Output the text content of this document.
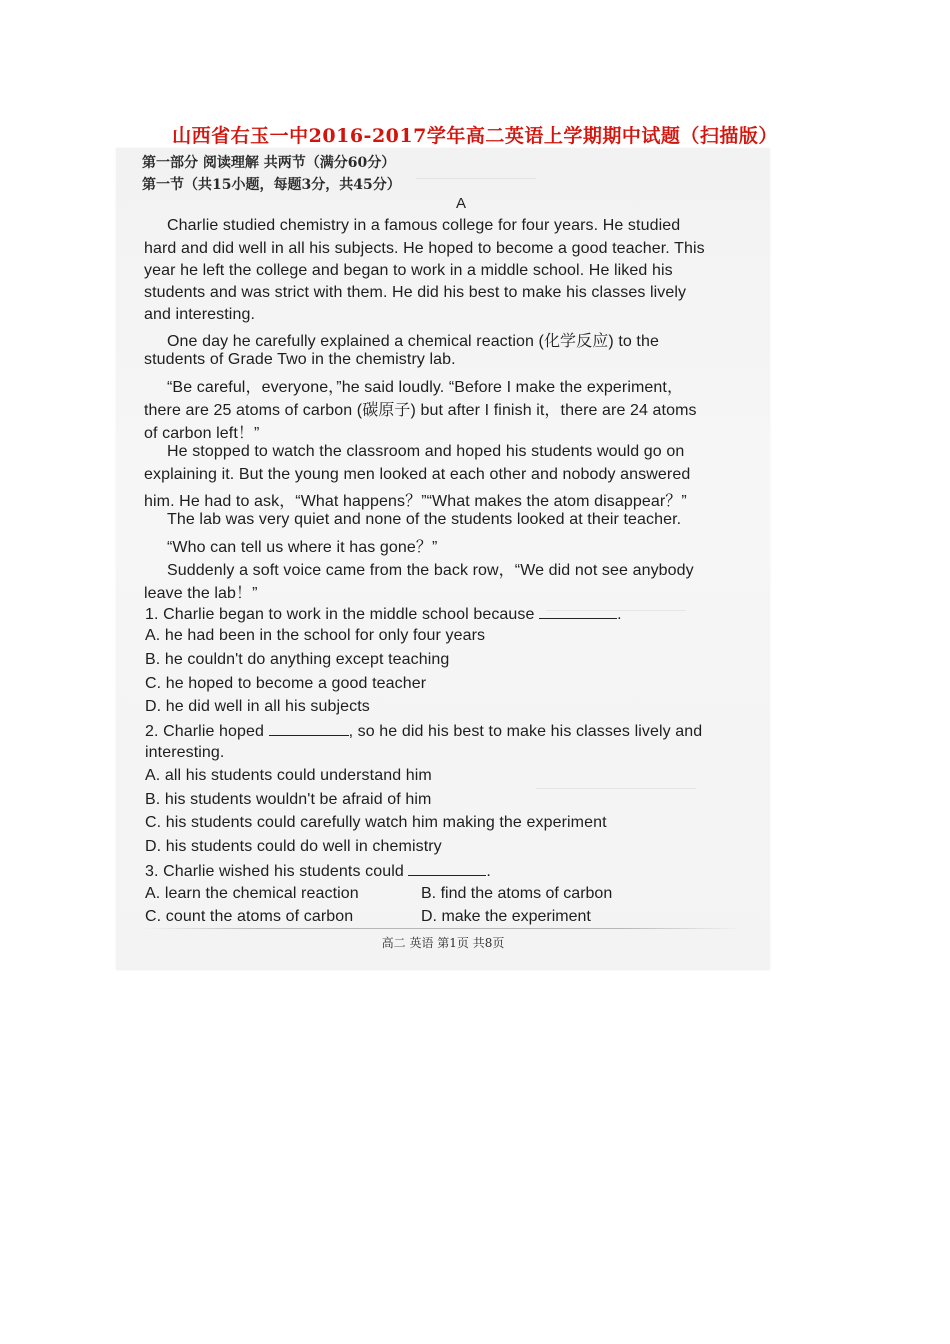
山西省右玉一中2016-2017学年高二英语上学期期中试题（扫描版）
第一部分 阅读理解 共两节（满分60分）
第一节（共15小题，每题3分，共45分）
A
Charlie studied chemistry in a famous college for four years. He studied
hard and did well in all his subjects. He hoped to become a good teacher. This
year he left the college and began to work in a middle school. He liked his
students and was strict with them. He did his best to make his classes lively
and interesting.
One day he carefully explained a chemical reaction (化学反应) to the
students of Grade Two in the chemistry lab.
“Be careful，everyone，”he said loudly. “Before I make the experiment，
there are 25 atoms of carbon (碳原子) but after I finish it，there are 24 atoms
of carbon left！”
He stopped to watch the classroom and hoped his students would go on
explaining it. But the young men looked at each other and nobody answered
him. He had to ask，“What happens？”“What makes the atom disappear？”
The lab was very quiet and none of the students looked at their teacher.
“Who can tell us where it has gone？”
Suddenly a soft voice came from the back row，“We did not see anybody
leave the lab！”
1. Charlie began to work in the middle school because	.
A. he had been in the school for only four years
B. he couldn't do anything except teaching
C. he hoped to become a good teacher
D. he did well in all his subjects
2. Charlie hoped	, so he did his best to make his classes lively and
interesting.
A. all his students could understand him
B. his students wouldn't be afraid of him
C. his students could carefully watch him making the experiment
D. his students could do well in chemistry
3. Charlie wished his students could	.
A. learn the chemical reaction	B. find the atoms of carbon
C. count the atoms of carbon	D. make the experiment
高二 英语 第1页 共8页
